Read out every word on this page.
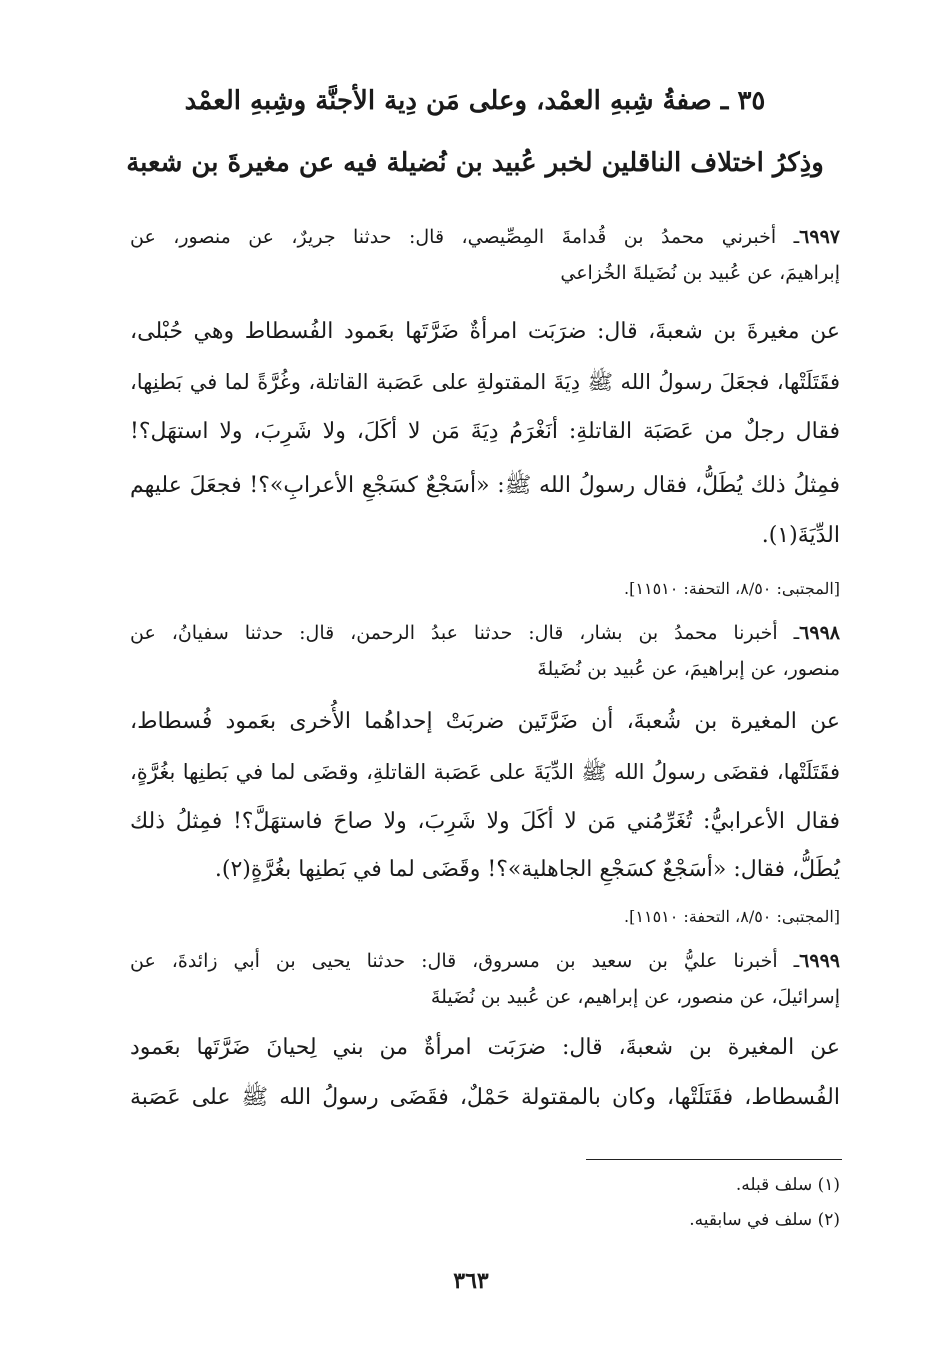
٣٥ ـ صفةُ شِبهِ العمْد، وعلى مَن دِية الأجنَّة وشِبهِ العمْد
وذِكرُ اختلاف الناقلين لخبر عُبيد بن نُضيلة فيه عن مغيرةَ بن شعبة
٦٩٩٧ـ أخبرني محمدُ بن قُدامةَ المِصِّيصي، قال: حدثنا جريرٌ، عن منصور، عن
إبراهيمَ، عن عُبيد بن نُضَيلةَ الخُزاعي
عن مغيرةَ بن شعبةَ، قال: ضرَبَت امرأةٌ ضَرَّتَها بعَمود الفُسطاط وهي حُبْلى،
فقَتَلَتْها، فجعَلَ رسولُ الله ﷺ دِيَةَ المقتولةِ على عَصَبة القاتلة، وغُرَّةً لما في بَطنِها،
فقال رجلٌ من عَصَبَة القاتلةِ: أنَغْرَمُ دِيَةَ مَن لا أكَلَ، ولا شَرِبَ، ولا استهَل؟!
فمِثلُ ذلك يُطَلُّ، فقال رسولُ الله ﷺ: «أسَجْعٌ كسَجْعِ الأعرابِ»؟! فجعَلَ عليهم
الدِّيَةَ(١).
[المجتبى: ٨/٥٠، التحفة: ١١٥١٠].
٦٩٩٨ـ أخبرنا محمدُ بن بشار، قال: حدثنا عبدُ الرحمن، قال: حدثنا سفيانُ، عن
منصور، عن إبراهيمَ، عن عُبيد بن نُضَيلةَ
عن المغيرة بن شُعبةَ، أن ضَرَّتَين ضربَتْ إحداهُما الأُخرى بعَمود فُسطاط،
فقَتَلَتْها، فقضَى رسولُ الله ﷺ الدِّيَةَ على عَصَبة القاتلةِ، وقضَى لما في بَطنِها بغُرَّةٍ،
فقال الأعرابيُّ: تُغَرِّمُني مَن لا أكَلَ ولا شَرِبَ، ولا صاحَ فاستهَلَّ؟! فمِثلُ ذلك
يُطَلُّ، فقال: «أسَجْعٌ كسَجْعِ الجاهلية»؟! وقَضَى لما في بَطنِها بغُرَّةٍ(٢).
[المجتبى: ٨/٥٠، التحفة: ١١٥١٠].
٦٩٩٩ـ أخبرنا عليُّ بن سعيد بن مسروق، قال: حدثنا يحيى بن أبي زائدةَ، عن
إسرائيلَ، عن منصور، عن إبراهيم، عن عُبيد بن نُضَيلةَ
عن المغيرة بن شعبةَ، قال: ضرَبَت امرأةٌ من بني لِحيانَ ضَرَّتَها بعَمود
الفُسطاط، فقَتَلَتْها، وكان بالمقتولة حَمْلٌ، فقَضَى رسولُ الله ﷺ على عَصَبة
(١) سلف قبله.
(٢) سلف في سابقيه.
٣٦٣
